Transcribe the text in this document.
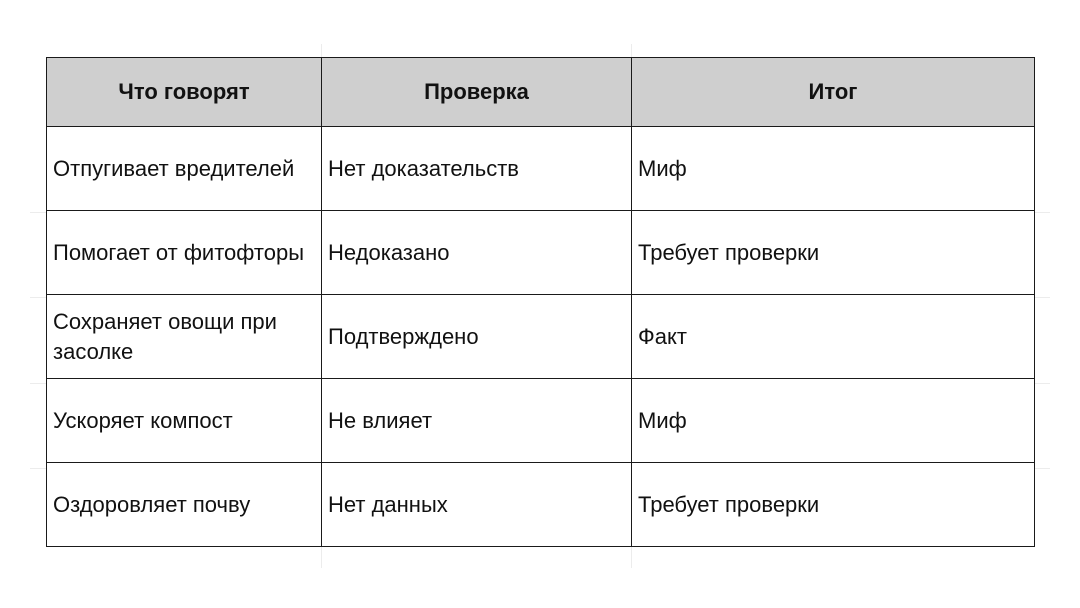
Что говорят	Проверка	Итог
Отпугивает вредителей	Нет доказательств	Миф
Помогает от фитофторы	Недоказано	Требует проверки
Сохраняет овощи при засолке	Подтверждено	Факт
Ускоряет компост	Не влияет	Миф
Оздоровляет почву	Нет данных	Требует проверки
